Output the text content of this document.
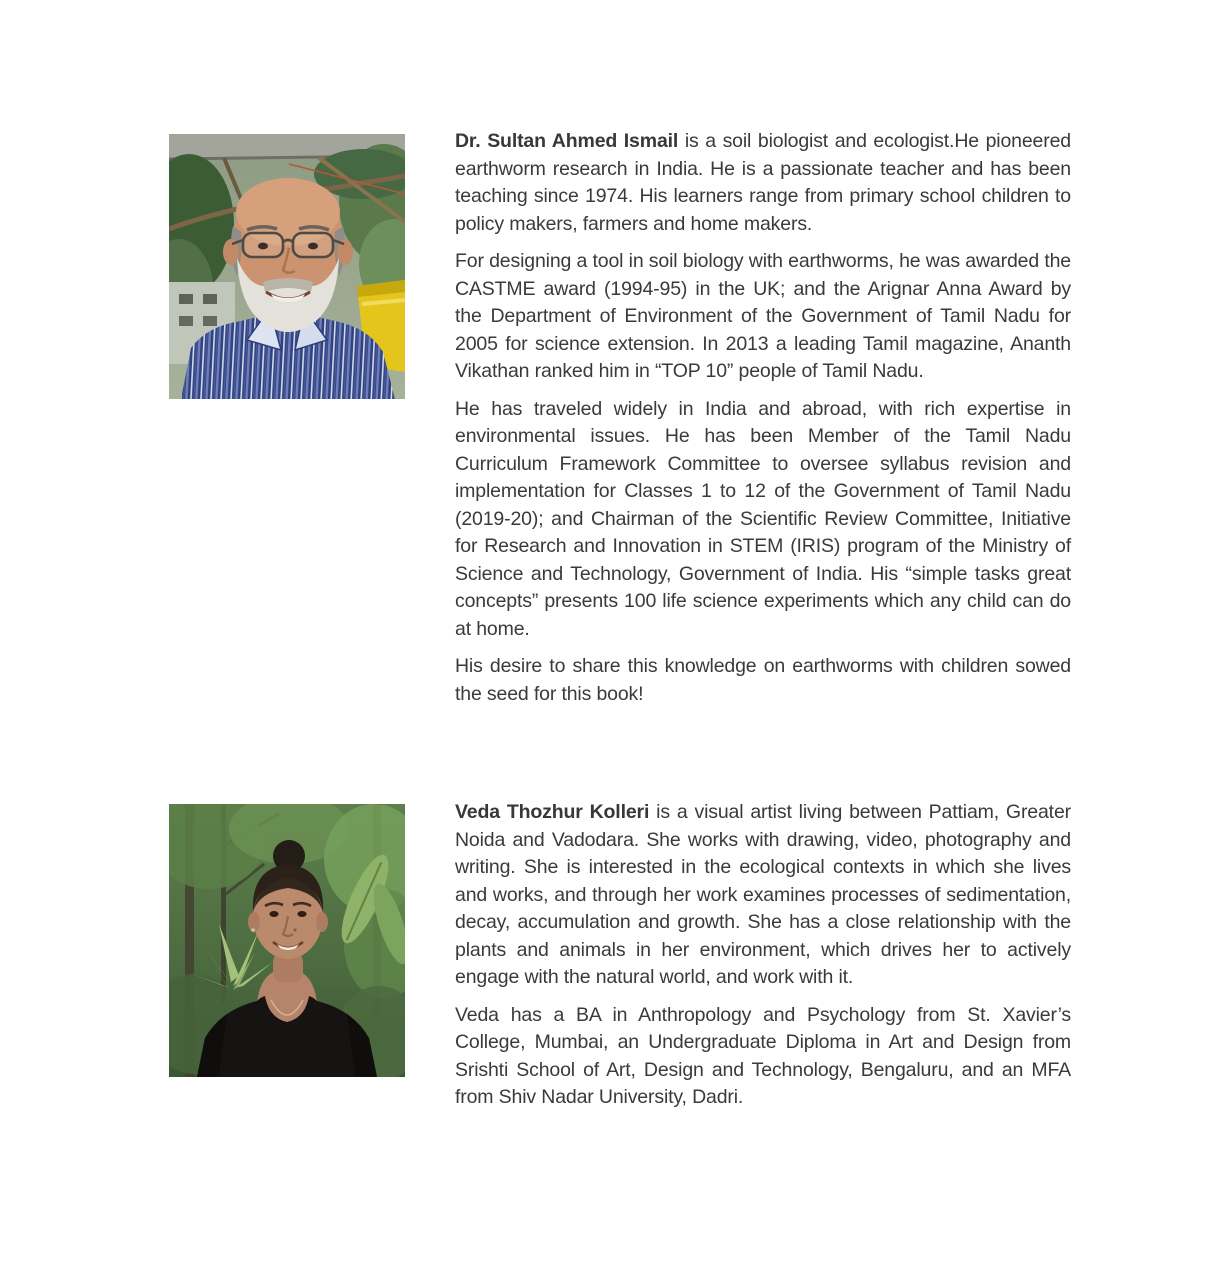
Dr. Sultan Ahmed Ismail is a soil biologist and ecologist.He pioneered earthworm research in India. He is a passionate teacher and has been teaching since 1974. His learners range from primary school children to policy makers, farmers and home makers.

For designing a tool in soil biology with earthworms, he was awarded the CASTME award (1994-95) in the UK; and the Arignar Anna Award by the Department of Environment of the Government of Tamil Nadu for 2005 for science extension. In 2013 a leading Tamil magazine, Ananth Vikathan ranked him in “TOP 10” people of Tamil Nadu.

He has traveled widely in India and abroad, with rich expertise in environmental issues. He has been Member of the Tamil Nadu Curriculum Framework Committee to oversee syllabus revision and implementation for Classes 1 to 12 of the Government of Tamil Nadu (2019-20); and Chairman of the Scientific Review Committee, Initiative for Research and Innovation in STEM (IRIS) program of the Ministry of Science and Technology, Government of India. His “simple tasks great concepts” presents 100 life science experiments which any child can do at home.

His desire to share this knowledge on earthworms with children sowed the seed for this book!

Veda Thozhur Kolleri is a visual artist living between Pattiam, Greater Noida and Vadodara. She works with drawing, video, photography and writing. She is interested in the ecological contexts in which she lives and works, and through her work examines processes of sedimentation, decay, accumulation and growth. She has a close relationship with the plants and animals in her environment, which drives her to actively engage with the natural world, and work with it.

Veda has a BA in Anthropology and Psychology from St. Xavier’s College, Mumbai, an Undergraduate Diploma in Art and Design from Srishti School of Art, Design and Technology, Bengaluru, and an MFA from Shiv Nadar University, Dadri.
